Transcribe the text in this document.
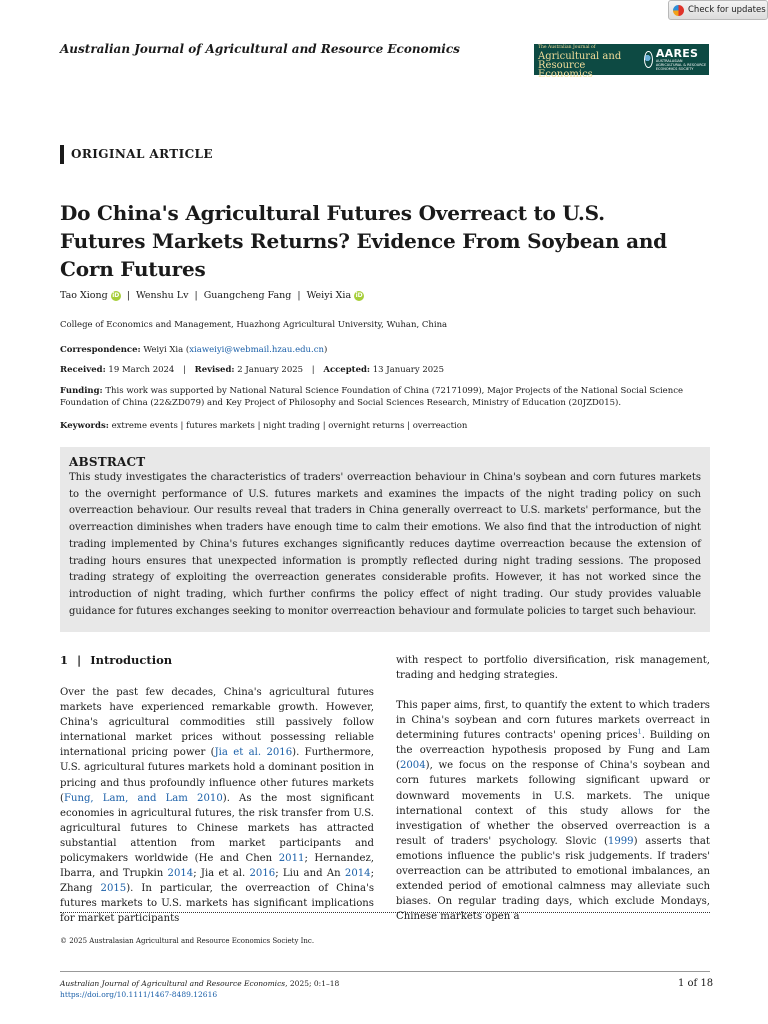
Check for updates
Australian Journal of Agricultural and Resource Economics	The Australian Journal of
Agricultural and
Resource Economics
AARES
AUSTRALASIAN AGRICULTURAL & RESOURCE ECONOMICS SOCIETY
ORIGINAL ARTICLE
Do China's Agricultural Futures Overreact to U.S. Futures Markets Returns? Evidence From Soybean and Corn Futures
Tao Xiong iD | Wenshu Lv | Guangcheng Fang | Weiyi Xia iD
College of Economics and Management, Huazhong Agricultural University, Wuhan, China
Correspondence: Weiyi Xia (xiaweiyi@webmail.hzau.edu.cn)
Received: 19 March 2024 | Revised: 2 January 2025 | Accepted: 13 January 2025
Funding: This work was supported by National Natural Science Foundation of China (72171099), Major Projects of the National Social Science Foundation of China (22&ZD079) and Key Project of Philosophy and Social Sciences Research, Ministry of Education (20JZD015).
Keywords: extreme events | futures markets | night trading | overnight returns | overreaction
ABSTRACT

This study investigates the characteristics of traders' overreaction behaviour in China's soybean and corn futures markets to the overnight performance of U.S. futures markets and examines the impacts of the night trading policy on such overreaction behaviour. Our results reveal that traders in China generally overreact to U.S. markets' performance, but the overreaction diminishes when traders have enough time to calm their emotions. We also find that the introduction of night trading implemented by China's futures exchanges significantly reduces daytime overreaction because the extension of trading hours ensures that unexpected information is promptly reflected during night trading sessions. The proposed trading strategy of exploiting the overreaction generates considerable profits. However, it has not worked since the introduction of night trading, which further confirms the policy effect of night trading. Our study provides valuable guidance for futures exchanges seeking to monitor overreaction behaviour and formulate policies to target such behaviour.

1 | Introduction

Over the past few decades, China's agricultural futures markets have experienced remarkable growth. However, China's agricultural commodities still passively follow international market prices without possessing reliable international pricing power (Jia et al. 2016). Furthermore, U.S. agricultural futures markets hold a dominant position in pricing and thus profoundly influence other futures markets (Fung, Lam, and Lam 2010). As the most significant economies in agricultural futures, the risk transfer from U.S. agricultural futures to Chinese markets has attracted substantial attention from market participants and policymakers worldwide (He and Chen 2011; Hernandez, Ibarra, and Trupkin 2014; Jia et al. 2016; Liu and An 2014; Zhang 2015). In particular, the overreaction of China's futures markets to U.S. markets has significant implications for market participants

with respect to portfolio diversification, risk management, trading and hedging strategies.

This paper aims, first, to quantify the extent to which traders in China's soybean and corn futures markets overreact in determining futures contracts' opening prices$^1$. Building on the overreaction hypothesis proposed by Fung and Lam (2004), we focus on the response of China's soybean and corn futures markets following significant upward or downward movements in U.S. markets. The unique international context of this study allows for the investigation of whether the observed overreaction is a result of traders' psychology. Slovic (1999) asserts that emotions influence the public's risk judgements. If traders' overreaction can be attributed to emotional imbalances, an extended period of emotional calmness may alleviate such biases. On regular trading days, which exclude Mondays, Chinese markets open a

© 2025 Australasian Agricultural and Resource Economics Society Inc.
Australian Journal of Agricultural and Resource Economics, 2025; 0:1–18
https://doi.org/10.1111/1467-8489.12616
1 of 18
